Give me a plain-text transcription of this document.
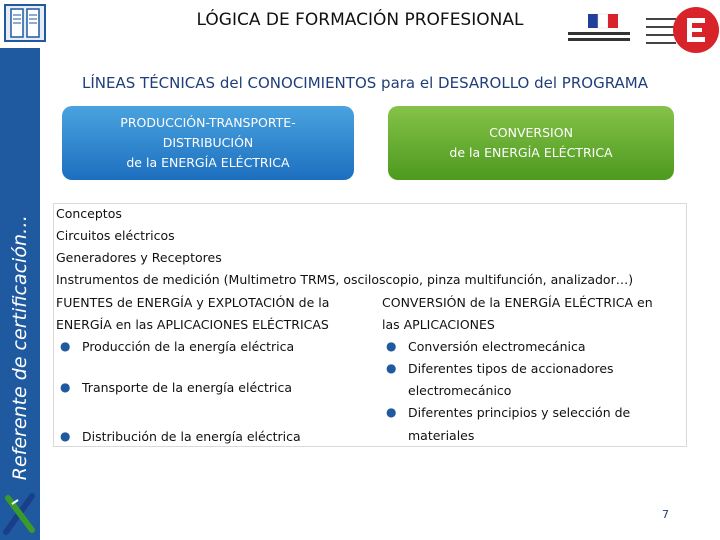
Referente de certificación…
LÓGICA DE FORMACIÓN PROFESIONAL
LÍNEAS TÉCNICAS del CONOCIMIENTOS para el DESAROLLO del PROGRAMA
PRODUCCIÓN-TRANSPORTE-
DISTRIBUCIÓN
de la ENERGÍA ELÉCTRICA
CONVERSION
de la ENERGÍA ELÉCTRICA
Conceptos
Circuitos eléctricos
Generadores y Receptores
Instrumentos de medición (Multimetro TRMS, osciloscopio, pinza multifunción, analizador…)
FUENTES de ENERGÍA y EXPLOTACIÓN de la
ENERGÍA en las APLICACIONES ELÉCTRICAS
● Producción de la energía eléctrica
● Transporte de la energía eléctrica
● Distribución de la energía eléctrica
CONVERSIÓN de la ENERGÍA ELÉCTRICA en
las APLICACIONES
● Conversión electromecánica
● Diferentes tipos de accionadores
electromecánico
● Diferentes principios y selección de
materiales
7
